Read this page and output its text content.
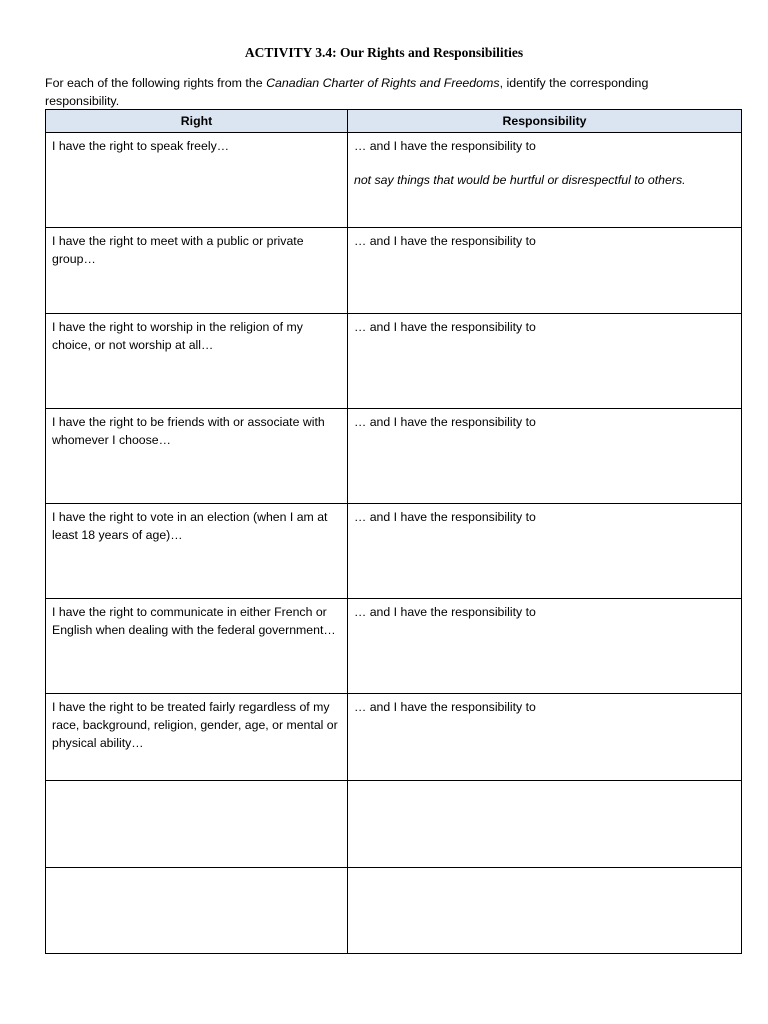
ACTIVITY 3.4: Our Rights and Responsibilities
For each of the following rights from the Canadian Charter of Rights and Freedoms, identify the corresponding responsibility.
Right	Responsibility
I have the right to speak freely…	… and I have the responsibility to
not say things that would be hurtful or disrespectful to others.

I have the right to meet with a public or private group…	… and I have the responsibility to
I have the right to worship in the religion of my choice, or not worship at all…	… and I have the responsibility to
I have the right to be friends with or associate with whomever I choose…	… and I have the responsibility to
I have the right to vote in an election (when I am at least 18 years of age)…	… and I have the responsibility to
I have the right to communicate in either French or English when dealing with the federal government…	… and I have the responsibility to
I have the right to be treated fairly regardless of my race, background, religion, gender, age, or mental or physical ability…	… and I have the responsibility to
